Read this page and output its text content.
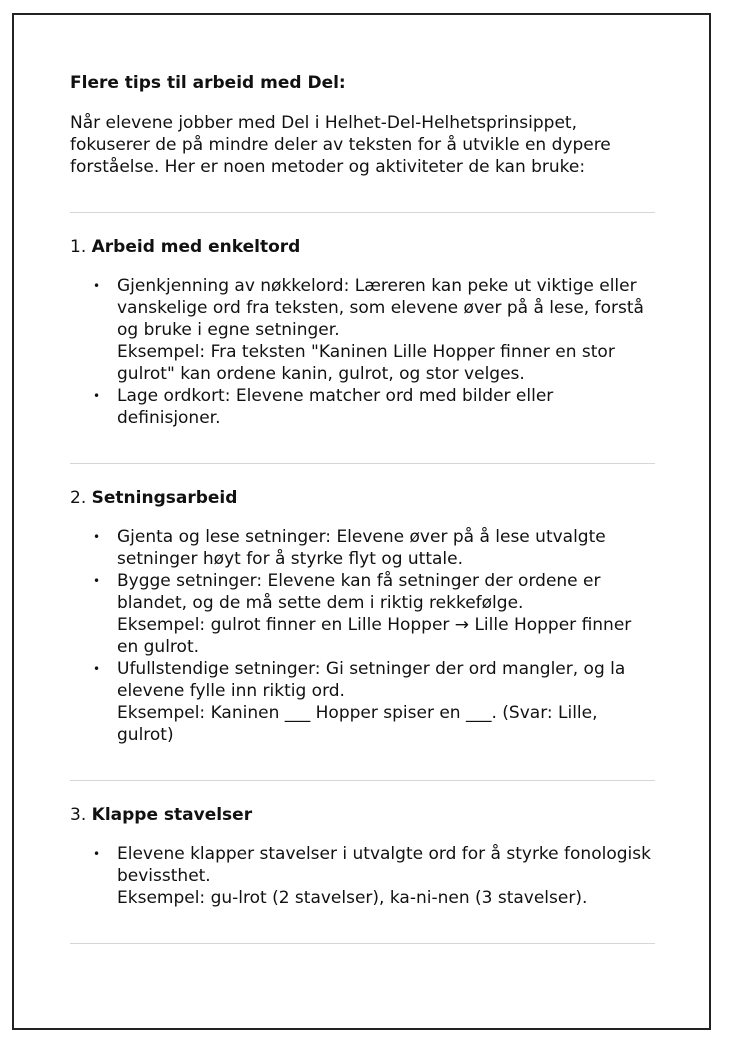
Flere tips til arbeid med Del:

Når elevene jobber med Del i Helhet-Del-Helhetsprinsippet, fokuserer de på mindre deler av teksten for å utvikle en dypere forståelse. Her er noen metoder og aktiviteter de kan bruke:

1. Arbeid med enkeltord

• Gjenkjenning av nøkkelord: Læreren kan peke ut viktige eller vanskelige ord fra teksten, som elevene øver på å lese, forstå og bruke i egne setninger.
Eksempel: Fra teksten "Kaninen Lille Hopper finner en stor gulrot" kan ordene kanin, gulrot, og stor velges.
• Lage ordkort: Elevene matcher ord med bilder eller definisjoner.

2. Setningsarbeid

• Gjenta og lese setninger: Elevene øver på å lese utvalgte setninger høyt for å styrke flyt og uttale.
• Bygge setninger: Elevene kan få setninger der ordene er blandet, og de må sette dem i riktig rekkefølge.
Eksempel: gulrot finner en Lille Hopper → Lille Hopper finner en gulrot.
• Ufullstendige setninger: Gi setninger der ord mangler, og la elevene fylle inn riktig ord.
Eksempel: Kaninen ___ Hopper spiser en ___. (Svar: Lille, gulrot)

3. Klappe stavelser

• Elevene klapper stavelser i utvalgte ord for å styrke fonologisk bevissthet.
Eksempel: gu-lrot (2 stavelser), ka-ni-nen (3 stavelser).
